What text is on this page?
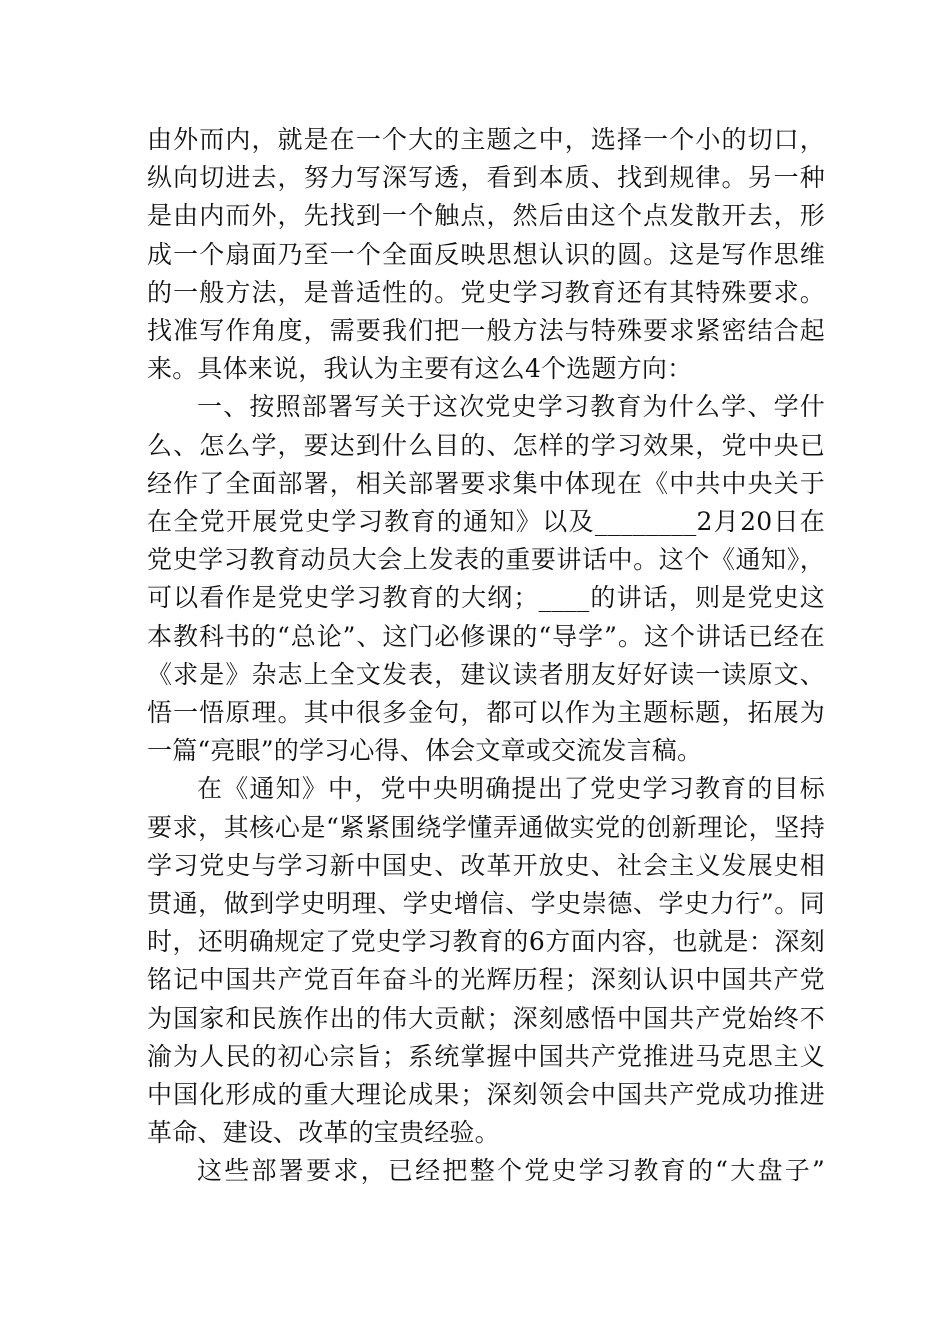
由外而内，就是在一个大的主题之中，选择一个小的切口，纵向切进去，努力写深写透，看到本质、找到规律。另一种是由内而外，先找到一个触点，然后由这个点发散开去，形成一个扇面乃至一个全面反映思想认识的圆。这是写作思维的一般方法，是普适性的。党史学习教育还有其特殊要求。找准写作角度，需要我们把一般方法与特殊要求紧密结合起来。具体来说，我认为主要有这么4个选题方向：

一、按照部署写关于这次党史学习教育为什么学、学什么、怎么学，要达到什么目的、怎样的学习效果，党中央已经作了全面部署，相关部署要求集中体现在《中共中央关于在全党开展党史学习教育的通知》以及________2月20日在党史学习教育动员大会上发表的重要讲话中。这个《通知》，可以看作是党史学习教育的大纲；____的讲话，则是党史这本教科书的“总论”、这门必修课的“导学”。这个讲话已经在《求是》杂志上全文发表，建议读者朋友好好读一读原文、悟一悟原理。其中很多金句，都可以作为主题标题，拓展为一篇“亮眼”的学习心得、体会文章或交流发言稿。

在《通知》中，党中央明确提出了党史学习教育的目标要求，其核心是“紧紧围绕学懂弄通做实党的创新理论，坚持学习党史与学习新中国史、改革开放史、社会主义发展史相贯通，做到学史明理、学史增信、学史崇德、学史力行”。同时，还明确规定了党史学习教育的6方面内容，也就是：深刻铭记中国共产党百年奋斗的光辉历程；深刻认识中国共产党为国家和民族作出的伟大贡献；深刻感悟中国共产党始终不渝为人民的初心宗旨；系统掌握中国共产党推进马克思主义中国化形成的重大理论成果；深刻领会中国共产党成功推进革命、建设、改革的宝贵经验。

这些部署要求，已经把整个党史学习教育的“大盘子”
